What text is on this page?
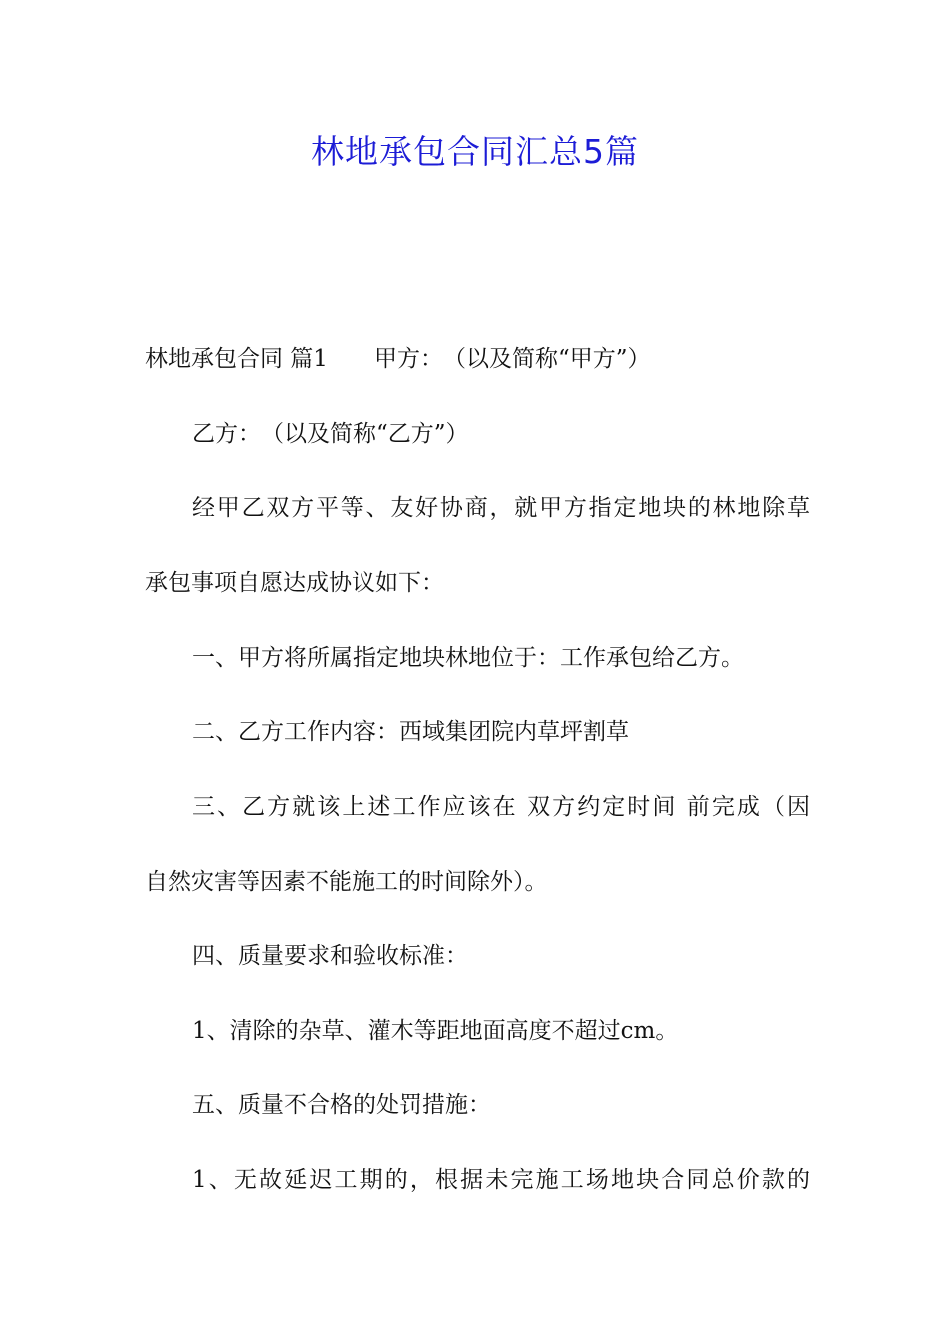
林地承包合同汇总5篇

林地承包合同 篇1　　甲方：　（以及简称“甲方”）

乙方：　（以及简称“乙方”）

经甲乙双方平等、友好协商，就甲方指定地块的林地除草

承包事项自愿达成协议如下：

一、甲方将所属指定地块林地位于：工作承包给乙方。

二、乙方工作内容：西域集团院内草坪割草

三、乙方就该上述工作应该在 双方约定时间 前完成（因

自然灾害等因素不能施工的时间除外）。

四、质量要求和验收标准：

1、清除的杂草、灌木等距地面高度不超过cm。

五、质量不合格的处罚措施：

1、无故延迟工期的，根据未完施工场地块合同总价款的
